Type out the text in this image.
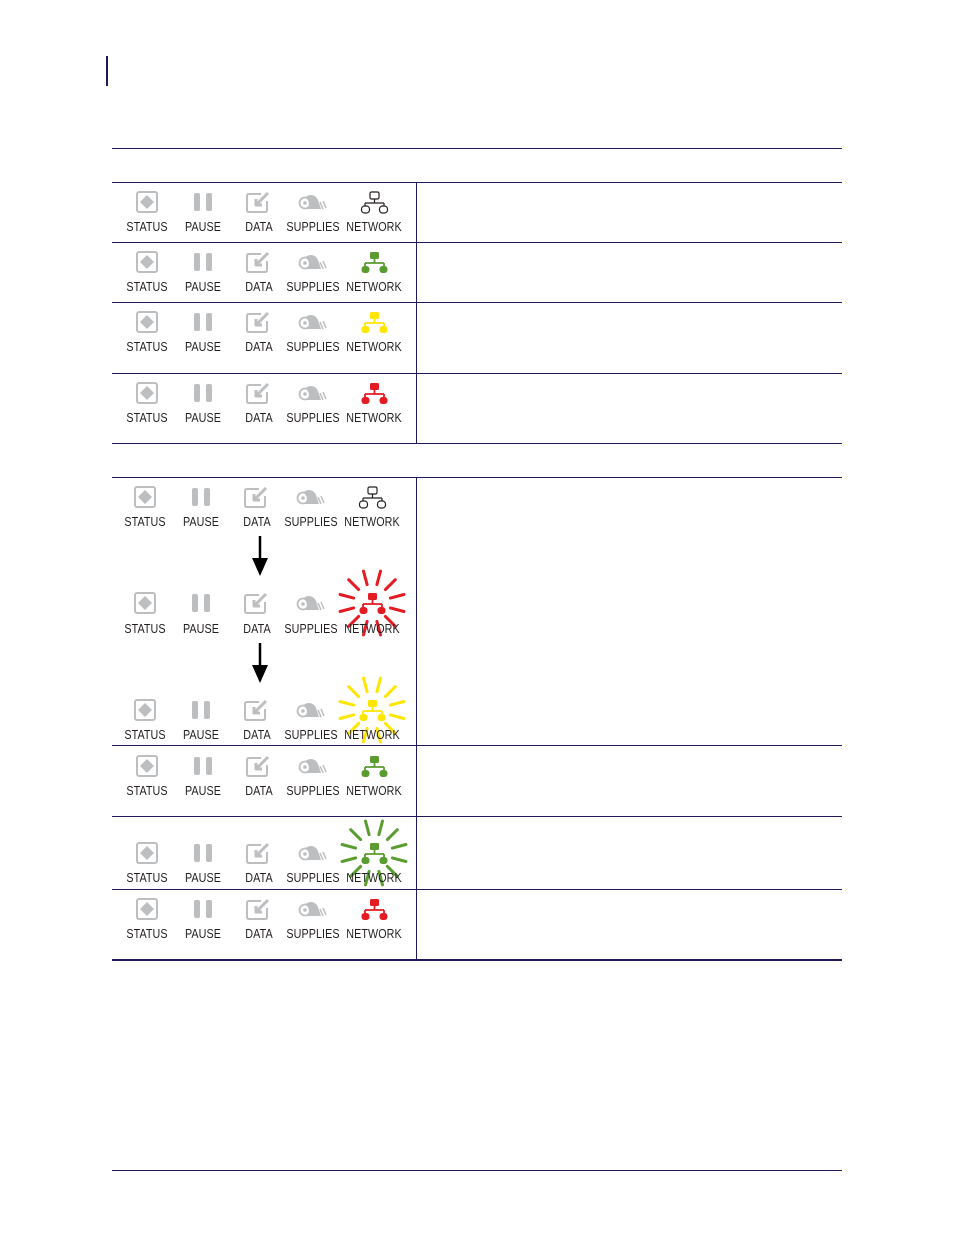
STATUS PAUSE DATA SUPPLIES NETWORK
STATUS PAUSE DATA SUPPLIES NETWORK
STATUS PAUSE DATA SUPPLIES NETWORK
STATUS PAUSE DATA SUPPLIES NETWORK
STATUS PAUSE DATA SUPPLIES NETWORK
STATUS PAUSE DATA SUPPLIES NETWORK
STATUS PAUSE DATA SUPPLIES NETWORK
STATUS PAUSE DATA SUPPLIES NETWORK
STATUS PAUSE DATA SUPPLIES NETWORK
STATUS PAUSE DATA SUPPLIES NETWORK
